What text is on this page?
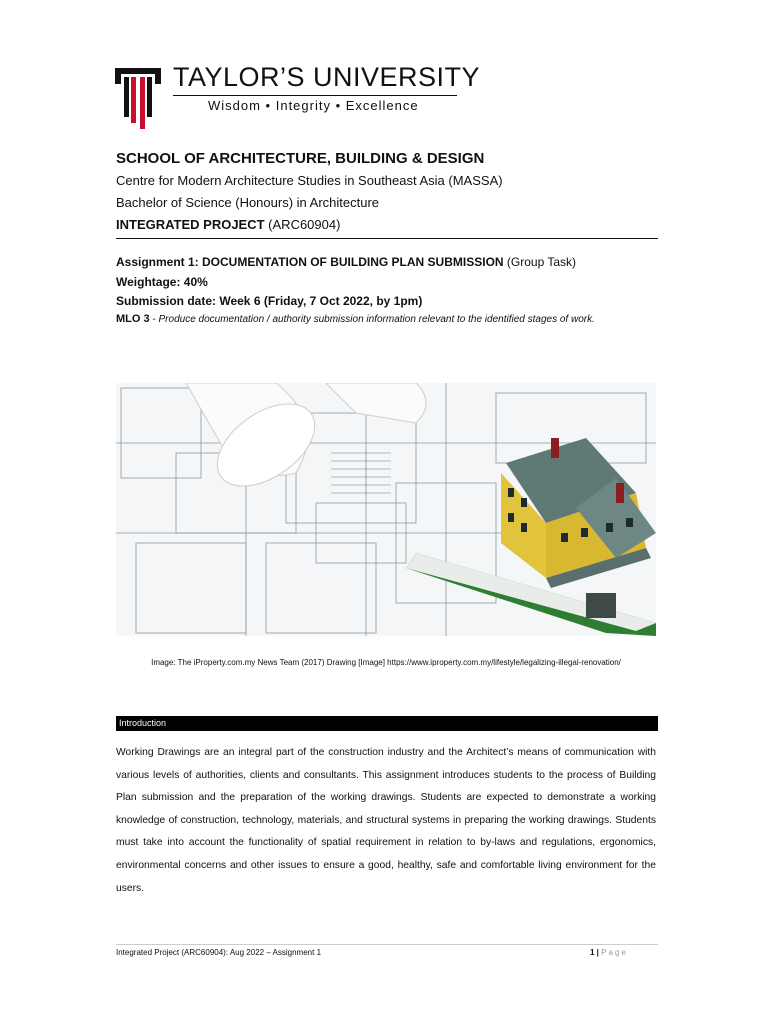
TAYLOR’S UNIVERSITY
Wisdom • Integrity • Excellence
SCHOOL OF ARCHITECTURE, BUILDING & DESIGN
Centre for Modern Architecture Studies in Southeast Asia (MASSA)
Bachelor of Science (Honours) in Architecture
INTEGRATED PROJECT (ARC60904)
Assignment 1: DOCUMENTATION OF BUILDING PLAN SUBMISSION (Group Task)
Weightage: 40%
Submission date: Week 6 (Friday, 7 Oct 2022, by 1pm)
MLO 3 - Produce documentation / authority submission information relevant to the identified stages of work.
Image: The iProperty.com.my News Team (2017) Drawing [Image] https://www.iproperty.com.my/lifestyle/legalizing-illegal-renovation/
Introduction
Working Drawings are an integral part of the construction industry and the Architect’s means of communication with various levels of authorities, clients and consultants. This assignment introduces students to the process of Building Plan submission and the preparation of the working drawings. Students are expected to demonstrate a working knowledge of construction, technology, materials, and structural systems in preparing the working drawings. Students must take into account the functionality of spatial requirement in relation to by-laws and regulations, ergonomics, environmental concerns and other issues to ensure a good, healthy, safe and comfortable living environment for the users.
Integrated Project (ARC60904): Aug 2022 – Assignment 1	1 | Page
